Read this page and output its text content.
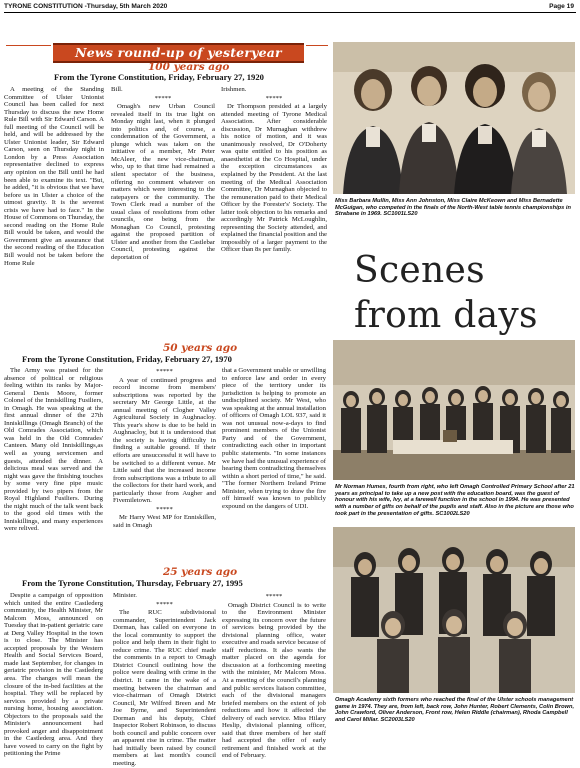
TYRONE CONSTITUTION -Thursday, 5th March 2020	Page 19
News round-up of yesteryear
100 years ago
From the Tyrone Constitution, Friday, February 27, 1920

A meeting of the Standing Committee of Ulster Unionist Council has been called for next Thursday to discuss the new Home Rule Bill with Sir Edward Carson. A full meeting of the Council will be held, and will be addressed by the Ulster Unionist leader, Sir Edward Carson, seen on Thursday night in London by a Press Association representative declined to express any opinion on the Bill until he had been able to examine its text. "But, he added, "it is obvious that we have before us in Ulster a choice of the utmost gravity. It is the severest crisis we have had to face." In the House of Commons on Thursday, the second reading on the Home Rule Bill would be taken, and would the Government give an assurance that the second reading of the Education Bill would not be taken before the Home Rule

Bill.

*****

Omagh's new Urban Council revealed itself in its true light on Monday night last, when it plunged into politics and, of course, a condemnation of the Government, a plunge which was taken on the initiative of a member, Mr Peter McAleer, the new vice-chairman, who, up to that time had remained a silent spectator of the business, offering no comment whatever on matters which were interesting to the ratepayers or the community. The Town Clerk read a number of the usual class of resolutions from other councils, one being from the Monaghan Co Council, protesting against the proposed partition of Ulster and another from the Castlebar Council, protesting against the deportation of

Irishmen.

*****

Dr Thompson presided at a largely attended meeting of Tyrone Medical Association. After considerable discussion, Dr Murnaghan withdrew his notice of motion, and it was unanimously resolved, Dr O'Doherty was quite entitled to his position as anaesthetist at the Co Hospital, under the exception circumstances as explained by the President. At the last meeting of the Medical Association Committee, Dr Murnaghan objected to the remuneration paid to their Medical Officer by the Forester's' Society. The latter took objection to his remarks and accordingly Mr Patrick McLoughlin, representing the Society attended, and explained the financial position and the impossibly of a larger payment to the Officer than 8s per family.

Miss Barbara Mullin, Miss Ann Johnston, Miss Claire McKeown and Miss Bernadette McGuigan, who competed in the finals of the North-West table tennis championships in Strabane in 1969. SC1001LS20
Scenes from days
50 years ago
From the Tyrone Constitution, Friday, February 27, 1970

The Army was praised for the absence of political or religious feeling within its ranks by Major-General Denis Moore, former Colonel of the Inniskilling Fusiliers, in Omagh. He was speaking at the first annual dinner of the 27th Inniskillings (Omagh Branch) of the Old Comrades Association, which was held in the Old Comrades' Canteen. Many old Inniskillings,as well as young servicemen and guests, attended the dinner. A delicious meal was served and the night was gave the finishing touches by some very fine pipe music provided by two pipers from the Royal Highland Fusiliers. During the night much of the talk went back to the good old times with the Inniskillings, and many experiences were relived.

*****

A year of continued progress and record income from members' subscriptions was reported by the secretary Mr George Little, at the annual meeting of Clogher Valley Agricultural Society in Aughnacloy. This year's show is due to be held in Aughnacloy, but it is understood that the society is having difficulty in finding a suitable ground. If their efforts are unsuccessful it will have to be switched to a different venue. Mr Little said that the increased income from subscriptions was a tribute to all the collectors for their hard work, and particularly those from Augher and Fivemiletown.

*****

Mr Harry West MP for Enniskillen, said in Omagh

that a Government unable or unwilling to enforce law and order in every piece of the territory under its jurisdiction is helping to promote an undisciplined society. Mr West, who was speaking at the annual installation of officers of Omagh LOL 937, said it was not unusual now-a-days to find prominent members of the Unionist Party and of the Government, contradicting each other in important public statements. "In some instances we have had the unusual experience of hearing them contradicting themselves within a short period of time," he said. "The former Northern Ireland Prime Minister, when trying to draw the fire off himself was known to publicly expound on the dangers of UDI.

Mr Norman Humes, fourth from right, who left Omagh Controlled Primary School after 21 years as principal to take up a new post with the education board, was the guest of honour with his wife, Ivy, at a farewell function in the school in 1994. He was presented with a number of gifts on behalf of the pupils and staff. Also in the picture are those who took part in the presentation of gifts. SC1002LS20
25 years ago
From the Tyrone Constitution, Thursday, February 27, 1995

Despite a campaign of opposition which united the entire Castlederg community, the Health Minister, Mr Malcom Moss, announced on Tuesday that in-patient geriatric care at Derg Valley Hospital in the town is to close. The Minister has accepted proposals by the Western Health and Social Services Board, made last September, for changes in geriatric provision in the Castlederg area. The changes will mean the closure of the in-bed facilities at the hospital. They will be replaced by services provided by a private nursing home, housing association. Objectors to the proposals said the Minister's announcement had provoked anger and disappointment in the Castlederg area. And they have vowed to carry on the fight by petitioning the Prime

Minister.

*****

The RUC subdivisional commander, Superintendent Jack Dorman, has called on everyone in the local community to support the police and help them in their fight to reduce crime. The RUC chief made the comments in a report to Omagh District Council outlining how the police were dealing with crime in the district. It came in the wake of a meeting between the chairman and vice-chairman of Omagh District Council, Mr Wilfred Breen and Mr Joe Byrne, and Superintendent Dorman and his deputy, Chief Inspector Robert Robinson, to discuss both council and public concern over an apparent rise in crime. The matter had initially been raised by council members at last month's council meeting.

*****

Omagh District Council is to write to the Environment Minister expressing its concern over the future of services being provided by the divisional planning office, water executive and roads service because of staff reductions. It also wants the matter placed on the agenda for discussion at a forthcoming meeting with the minister, Mr Malcom Moss. At a meeting of the council's planning and public services liaison committee, each of the divisional managers briefed members on the extent of job reductions and how it affected the delivery of each service. Miss Hilary Heslip, divisional planning officer, said that three members of her staff had accepted the offer of early retirement and finished work at the end of February.

Omagh Academy sixth formers who reached the final of the Ulster schools management game in 1974. They are, from left, back row, John Hunter, Robert Clements, Colin Brown, John Crawford, Oliver Anderson, Front row, Helen Riddle (chairman), Rhoda Campbell and Carol Millar. SC2003LS20
